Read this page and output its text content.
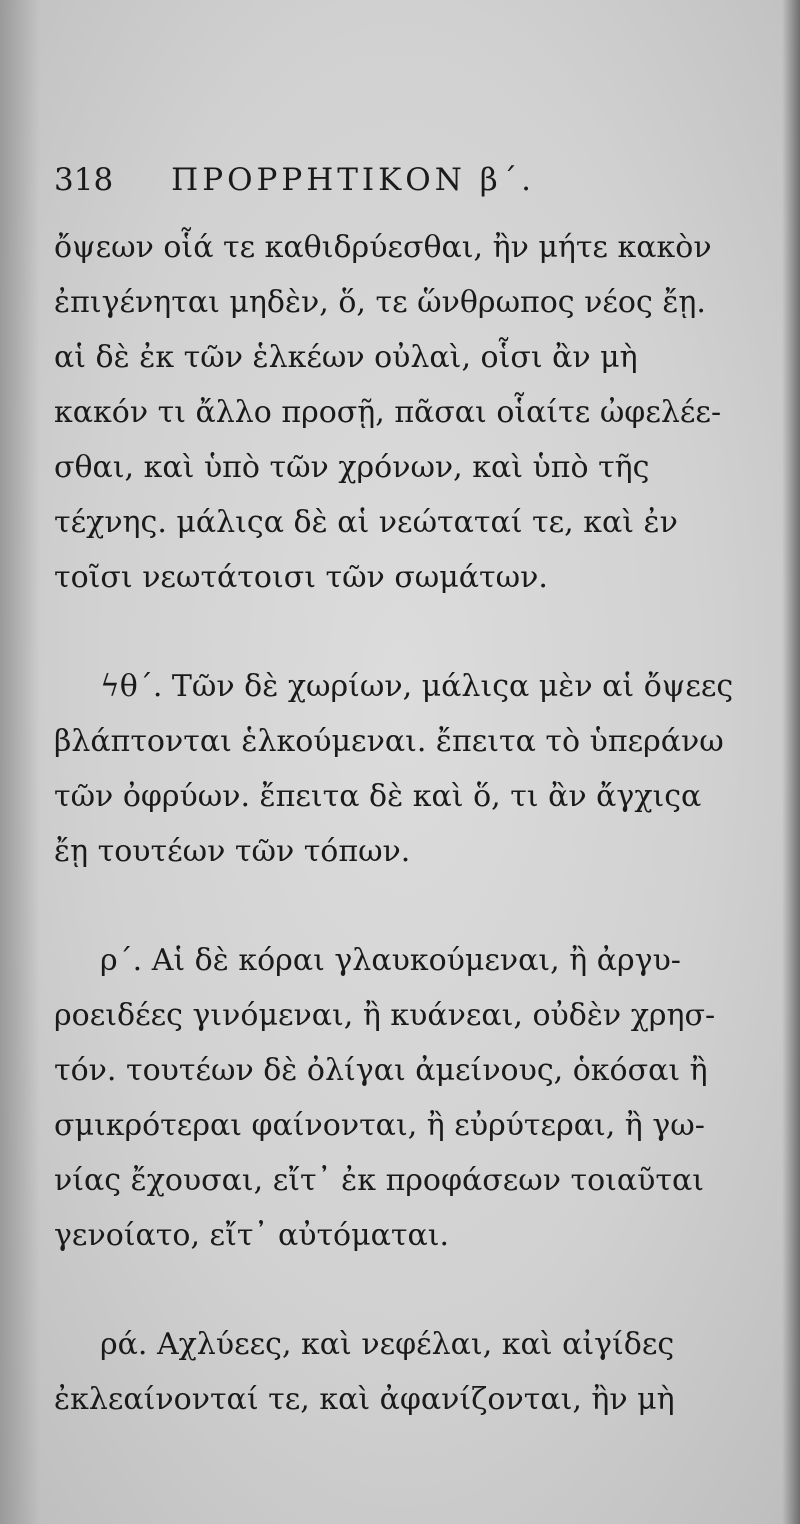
318 ΠΡΟΡΡΗΤΙΚΟΝ β΄.
ὄψεων οἷά τε καθιδρύεσθαι, ἢν μήτε κακὸν
ἐπιγένηται μηδὲν, ὅ, τε ὥνθρωπος νέος ἔῃ.
αἱ δὲ ἐκ τῶν ἑλκέων οὐλαὶ, οἷσι ἂν μὴ
κακόν τι ἄλλο προσῇ, πᾶσαι οἷαίτε ὠφελέε-
σθαι, καὶ ὑπὸ τῶν χρόνων, καὶ ὑπὸ τῆς
τέχνης. μάλιςα δὲ αἱ νεώταταί τε, καὶ ἐν
τοῖσι νεωτάτοισι τῶν σωμάτων.
ϟθ΄. Τῶν δὲ χωρίων, μάλιςα μὲν αἱ ὄψεες
βλάπτονται ἑλκούμεναι. ἔπειτα τὸ ὑπεράνω
τῶν ὀφρύων. ἔπειτα δὲ καὶ ὅ, τι ἂν ἄγχιςα
ἔῃ τουτέων τῶν τόπων.
ρ΄. Αἱ δὲ κόραι γλαυκούμεναι, ἢ ἀργυ-
ροειδέες γινόμεναι, ἢ κυάνεαι, οὐδὲν χρησ-
τόν. τουτέων δὲ ὀλίγαι ἀμείνους, ὁκόσαι ἢ
σμικρότεραι φαίνονται, ἢ εὐρύτεραι, ἢ γω-
νίας ἔχουσαι, εἴτ᾽ ἐκ προφάσεων τοιαῦται
γενοίατο, εἴτ᾽ αὐτόμαται.
ρά. Αχλύεες, καὶ νεφέλαι, καὶ αἰγίδες
ἐκλεαίνονταί τε, καὶ ἀφανίζονται, ἢν μὴ
